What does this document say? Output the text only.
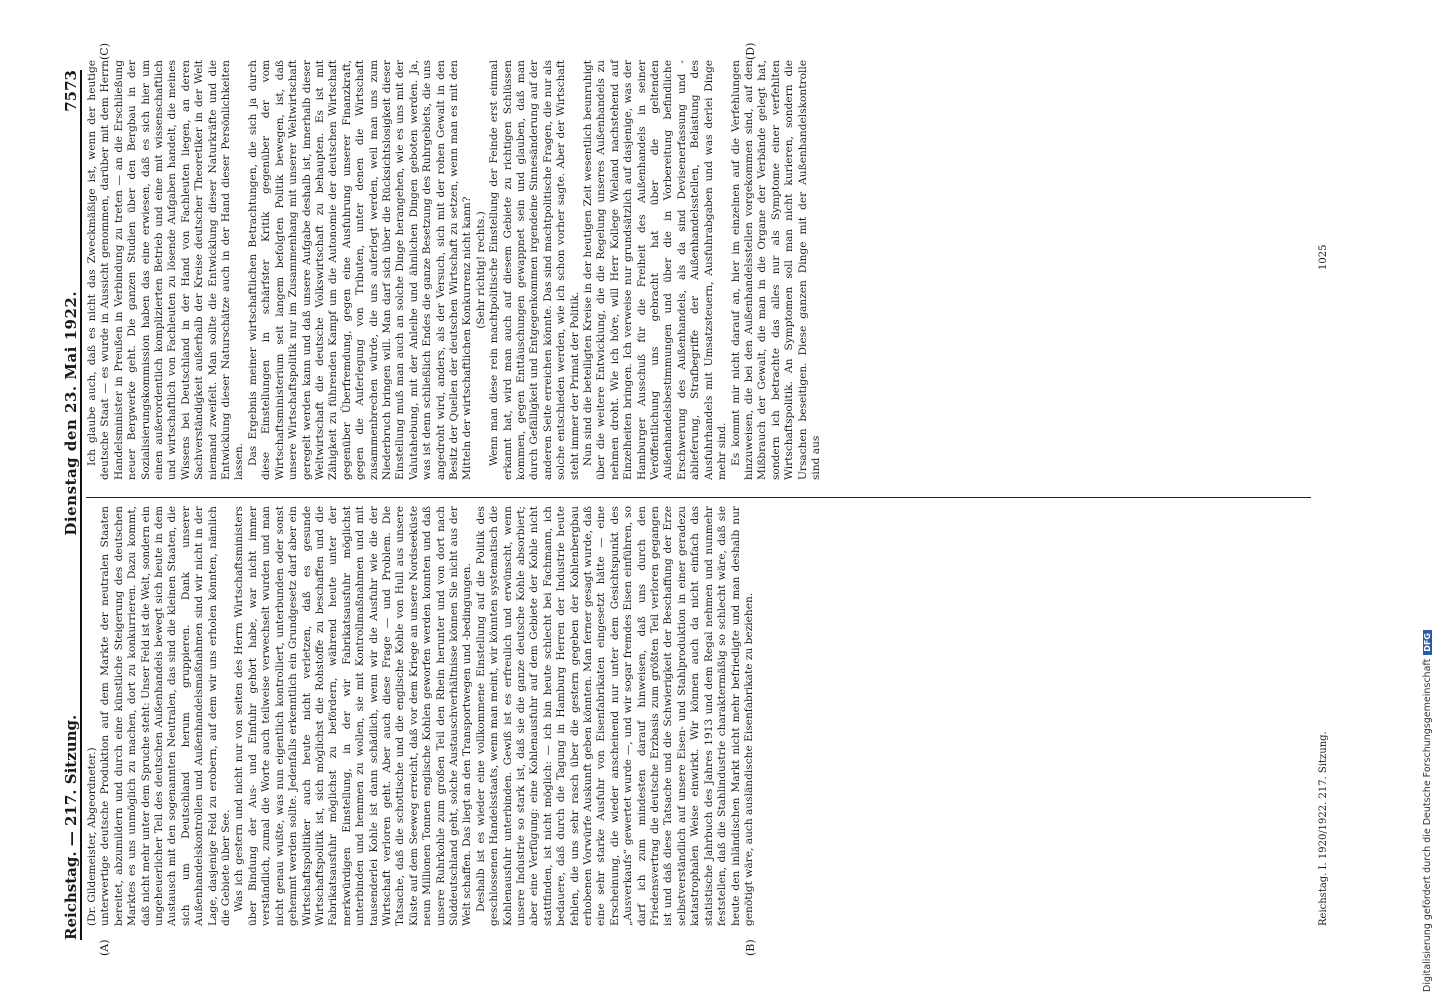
Reichstag. — 217. Sitzung.
Dienstag den 23. Mai 1922.
7573
(A)	(B)
(C)	(D)

(Dr. Gildemeister, Abgeordneter.) unterwertige deutsche Produktion auf dem Markte der neutralen Staaten bereitet, abzumildern und durch eine künstliche Steigerung des deutschen Marktes es uns unmöglich zu machen, dort zu konkurrieren. Dazu kommt, daß nicht mehr unter dem Spruche steht: Unser Feld ist die Welt, sondern ein ungeheuerlicher Teil des deutschen Außenhandels bewegt sich heute in dem Austausch mit den sogenannten Neutralen, das sind die kleinen Staaten, die sich um Deutschland herum gruppieren. Dank unserer Außenhandelskontrollen und Außenhandelsmaßnahmen sind wir nicht in der Lage, dasjenige Feld zu erobern, auf dem wir uns erholen könnten, nämlich die Gebiete über See. Was ich gestern und nicht nur von seiten des Herrn Wirtschaftsministers über Bindung der Aus- und Einfuhr gehört habe, war nicht immer verständlich, zumal die Worte auch teilweise verwechselt wurden und man nicht genau wußte, was nun eigentlich kontrolliert, unterbunden oder sonst gehemmt werden sollte. Jedenfalls erkenntlich ein Grundgesetz darf aber ein Wirtschaftspolitiker auch heute nicht verletzen, daß es gesunde Wirtschaftspolitik ist, sich möglichst die Rohstoffe zu beschaffen und die Fabrikatsausfuhr möglichst zu befördern, während heute unter der merkwürdigen Einstellung, in der wir Fabrikatsausfuhr möglichst unterbinden und hemmen zu wollen, sie mit Kontrollmaßnahmen und mit tausenderlei Kohle ist dann schädlich, wenn wir die Ausfuhr wie die der Wirtschaft verloren geht. Aber auch diese Frage — und Problem. Die Tatsache, daß die schottische und die englische Kohle von Hull aus unsere Küste auf dem Seeweg erreicht, daß vor dem Kriege an unsere Nordseeküste neun Millionen Tonnen englische Kohlen geworfen werden konnten und daß unsere Ruhrkohle zum großen Teil den Rhein herunter und von dort nach Süddeutschland geht, solche Austauschverhältnisse können Sie nicht aus der Welt schaffen. Das liegt an den Transportwegen und -bedingungen. Deshalb ist es wieder eine vollkommene Einstellung auf die Politik des geschlossenen Handelsstaats, wenn man meint, wir könnten systematisch die Kohlenausfuhr unterbinden. Gewiß ist es erfreulich und erwünscht, wenn unsere Industrie so stark ist, daß sie die ganze deutsche Kohle absorbiert; aber eine Verfügung: eine Kohlenausfuhr auf dem Gebiete der Kohle nicht stattfinden, ist nicht möglich: — ich bin heute schlecht bei Fachmann, ich bedauere, daß durch die Tagung in Hamburg Herren der Industrie heute fehlen, die uns sehr rasch über die gestern gegeben der Kohlenbergbau erhobenen Vorwürfe Auskunft geben könnten. Man ferner gesagt wurde, daß eine sehr starke Ausfuhr von Eisenfabrikaten eingesetzt hätte — eine Erscheinung, die wieder anscheinend nur unter dem Gesichtspunkt des „Ausverkaufs“ gewertet wurde —, und wir sogar fremdes Eisen einführen, so darf ich zum mindesten darauf hinweisen, daß uns durch den Friedensvertrag die deutsche Erzbasis zum größten Teil verloren gegangen ist und daß diese Tatsache und die Schwierigkeit der Beschaffung der Erze selbstverständlich auf unsere Eisen- und Stahlproduktion in einer geradezu katastrophalen Weise einwirkt. Wir können auch da nicht einfach das statistische Jahrbuch des Jahres 1913 und dem Regal nehmen und nunmehr feststellen, daß die Stahlindustrie charaktermäßig so schlecht wäre, daß sie heute den inländischen Markt nicht mehr befriedigte und man deshalb nur genötigt wäre, auch ausländische Eisenfabrikate zu beziehen.

Ich glaube auch, daß es nicht das Zweckmäßige ist, wenn der heutige deutsche Staat — es wurde in Aussicht genommen, darüber mit dem Herrn Handelsminister in Preußen in Verbindung zu treten — an die Erschließung neuer Bergwerke geht. Die ganzen Studien über den Bergbau in der Sozialisierungskommission haben das eine erwiesen, daß es sich hier um einen außerordentlich komplizierten Betrieb und eine mit wissenschaftlich und wirtschaftlich von Fachleuten zu lösende Aufgaben handelt, die meines Wissens bei Deutschland in der Hand von Fachleuten liegen, an deren Sachverständigkeit außerhalb der Kreise deutscher Theoretiker in der Welt niemand zweifelt. Man sollte die Entwicklung dieser Naturkräfte und die Entwicklung dieser Naturschätze auch in der Hand dieser Persönlichkeiten lassen. Das Ergebnis meiner wirtschaftlichen Betrachtungen, die sich ja durch diese Einstellungen in schärfster Kritik gegenüber der vom Wirtschaftsministerium seit langem befolgten Politik bewegen, ist, daß unsere Wirtschaftspolitik nur im Zusammenhang mit unserer Weltwirtschaft geregelt werden kann und daß unsere Aufgabe deshalb ist, innerhalb dieser Weltwirtschaft die deutsche Volkswirtschaft zu behaupten. Es ist mit Zähigkeit zu führenden Kampf um die Autonomie der deutschen Wirtschaft gegenüber Überfremdung, gegen eine Ausfuhrung unserer Finanzkraft, gegen die Auferlegung von Tributen, unter denen die Wirtschaft zusammenbrechen würde, die uns auferlegt werden, weil man uns zum Niederbruch bringen will. Man darf sich über die Rücksichtslosigkeit dieser Einstellung muß man auch an solche Dinge herangehen, wie es uns mit der Valutahebung, mit der Anleihe und ähnlichen Dingen geboten werden. Ja, was ist denn schließlich Endes die ganze Besetzung des Ruhrgebiets, die uns angedroht wird, anders, als der Versuch, sich mit der rohen Gewalt in den Besitz der Quellen der deutschen Wirtschaft zu setzen, wenn man es mit den Mitteln der wirtschaftlichen Konkurrenz nicht kann? (Sehr richtig! rechts.) Wenn man diese rein machtpolitische Einstellung der Feinde erst einmal erkannt hat, wird man auch auf diesem Gebiete zu richtigen Schlüssen kommen, gegen Enttäuschungen gewappnet sein und glauben, daß man durch Gefälligkeit und Entgegenkommen irgendeine Sinnesänderung auf der anderen Seite erreichen könnte. Das sind machtpolitische Fragen, die nur als solche entschieden werden, wie ich schon vorher sagte. Aber der Wirtschaft steht immer der Primat der Politik. Nun sind die beteiligten Kreise in der heutigen Zeit wesentlich beunruhigt über die weitere Entwicklung, die die Regelung unseres Außenhandels zu nehmen droht. Wie ich höre, will Herr Kollege Wieland nachstehend auf Einzelheiten bringen. Ich verweise nur grundsätzlich auf dasjenige, was der Hamburger Ausschuß für die Freiheit des Außenhandels in seiner Veröffentlichung uns gebracht hat über die geltenden Außenhandelsbestimmungen und über die in Vorbereitung befindliche Erschwerung des Außenhandels, als da sind Devisenerfassung und -ablieferung, Strafbegriffe der Außenhandelsstellen, Belastung des Ausfuhrhandels mit Umsatzsteuern, Ausfuhrabgaben und was derlei Dinge mehr sind. Es kommt mir nicht darauf an, hier im einzelnen auf die Verfehlungen hinzuweisen, die bei den Außenhandelsstellen vorgekommen sind, auf den Mißbrauch der Gewalt, die man in die Organe der Verbände gelegt hat, sondern ich betrachte das alles nur als Symptome einer verfehlten Wirtschaftspolitik. An Symptomen soll man nicht kurieren, sondern die Ursachen beseitigen. Diese ganzen Dinge mit der Außenhandelskontrolle sind aus

Reichstag. I. 1920/1922. 217. Sitzung.
1025
Digitalisierung gefördert durch die Deutsche Forschungsgemeinschaft
DFG
